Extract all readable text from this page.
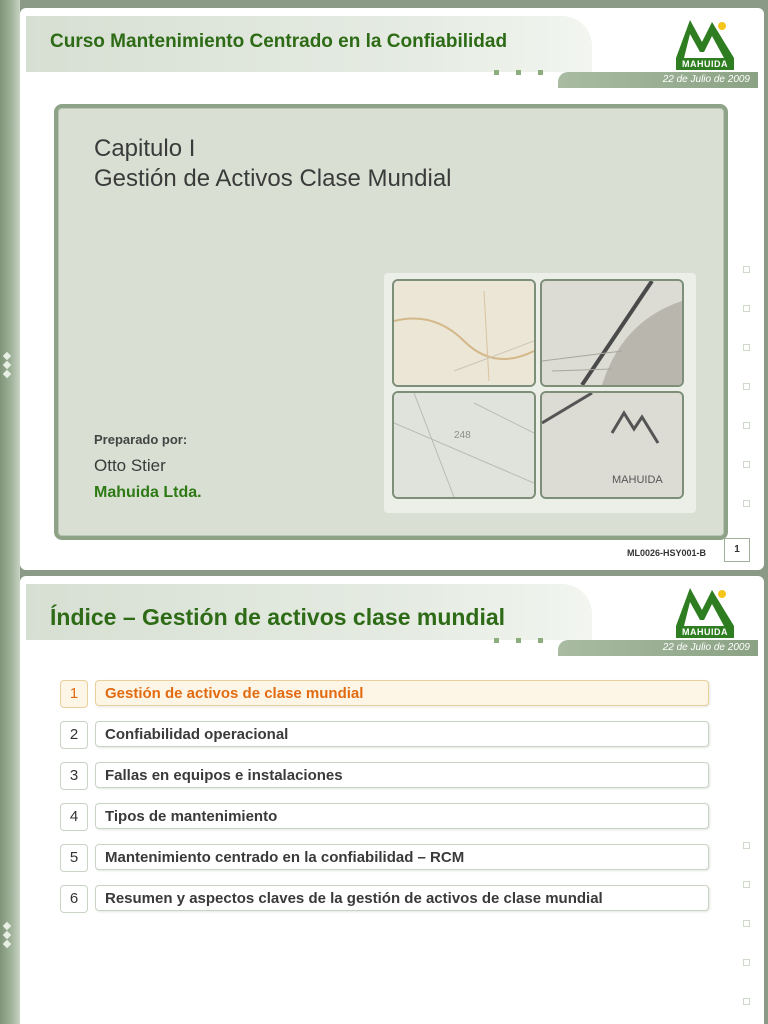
Curso Mantenimiento Centrado en la Confiabilidad
22 de Julio de 2009
MAHUIDA
Capitulo I
Gestión de Activos Clase Mundial
248
MAHUIDA
Preparado por:
Otto Stier
Mahuida Ltda.
ML0026-HSY001-B	1
Índice – Gestión de activos clase mundial
22 de Julio de 2009
MAHUIDA
1	Gestión de activos de clase mundial
2	Confiabilidad operacional
3	Fallas en equipos e instalaciones
4	Tipos de mantenimiento
5	Mantenimiento centrado en la confiabilidad – RCM
6	Resumen y aspectos claves de la gestión de activos de clase mundial
